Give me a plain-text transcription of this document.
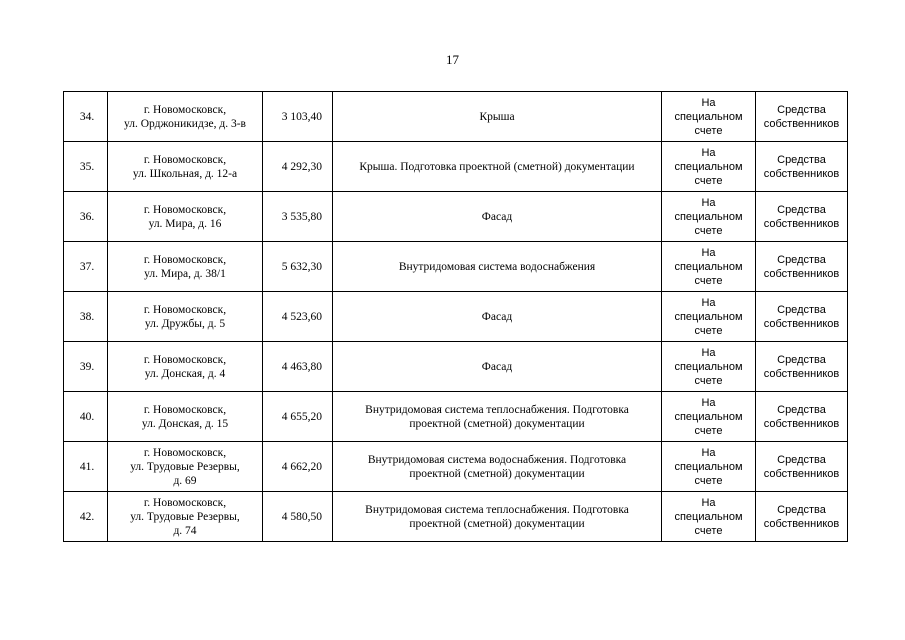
17
34.	г. Новомосковск,
ул. Орджоникидзе, д. 3-в	3 103,40	Крыша	На
специальном
счете	Средства
собственников

35.	г. Новомосковск,
ул. Школьная, д. 12-а	4 292,30	Крыша. Подготовка проектной (сметной) документации	На
специальном
счете	Средства
собственников

36.	г. Новомосковск,
ул. Мира, д. 16	3 535,80	Фасад	На
специальном
счете	Средства
собственников

37.	г. Новомосковск,
ул. Мира, д. 38/1	5 632,30	Внутридомовая система водоснабжения	На
специальном
счете	Средства
собственников

38.	г. Новомосковск,
ул. Дружбы, д. 5	4 523,60	Фасад	На
специальном
счете	Средства
собственников

39.	г. Новомосковск,
ул. Донская, д. 4	4 463,80	Фасад	На
специальном
счете	Средства
собственников

40.	г. Новомосковск,
ул. Донская, д. 15	4 655,20	Внутридомовая система теплоснабжения. Подготовка
проектной (сметной) документации	На
специальном
счете	Средства
собственников

41.	г. Новомосковск,
ул. Трудовые Резервы,
д. 69	4 662,20	Внутридомовая система водоснабжения. Подготовка
проектной (сметной) документации	На
специальном
счете	Средства
собственников

42.	г. Новомосковск,
ул. Трудовые Резервы,
д. 74	4 580,50	Внутридомовая система теплоснабжения. Подготовка
проектной (сметной) документации	На
специальном
счете	Средства
собственников
